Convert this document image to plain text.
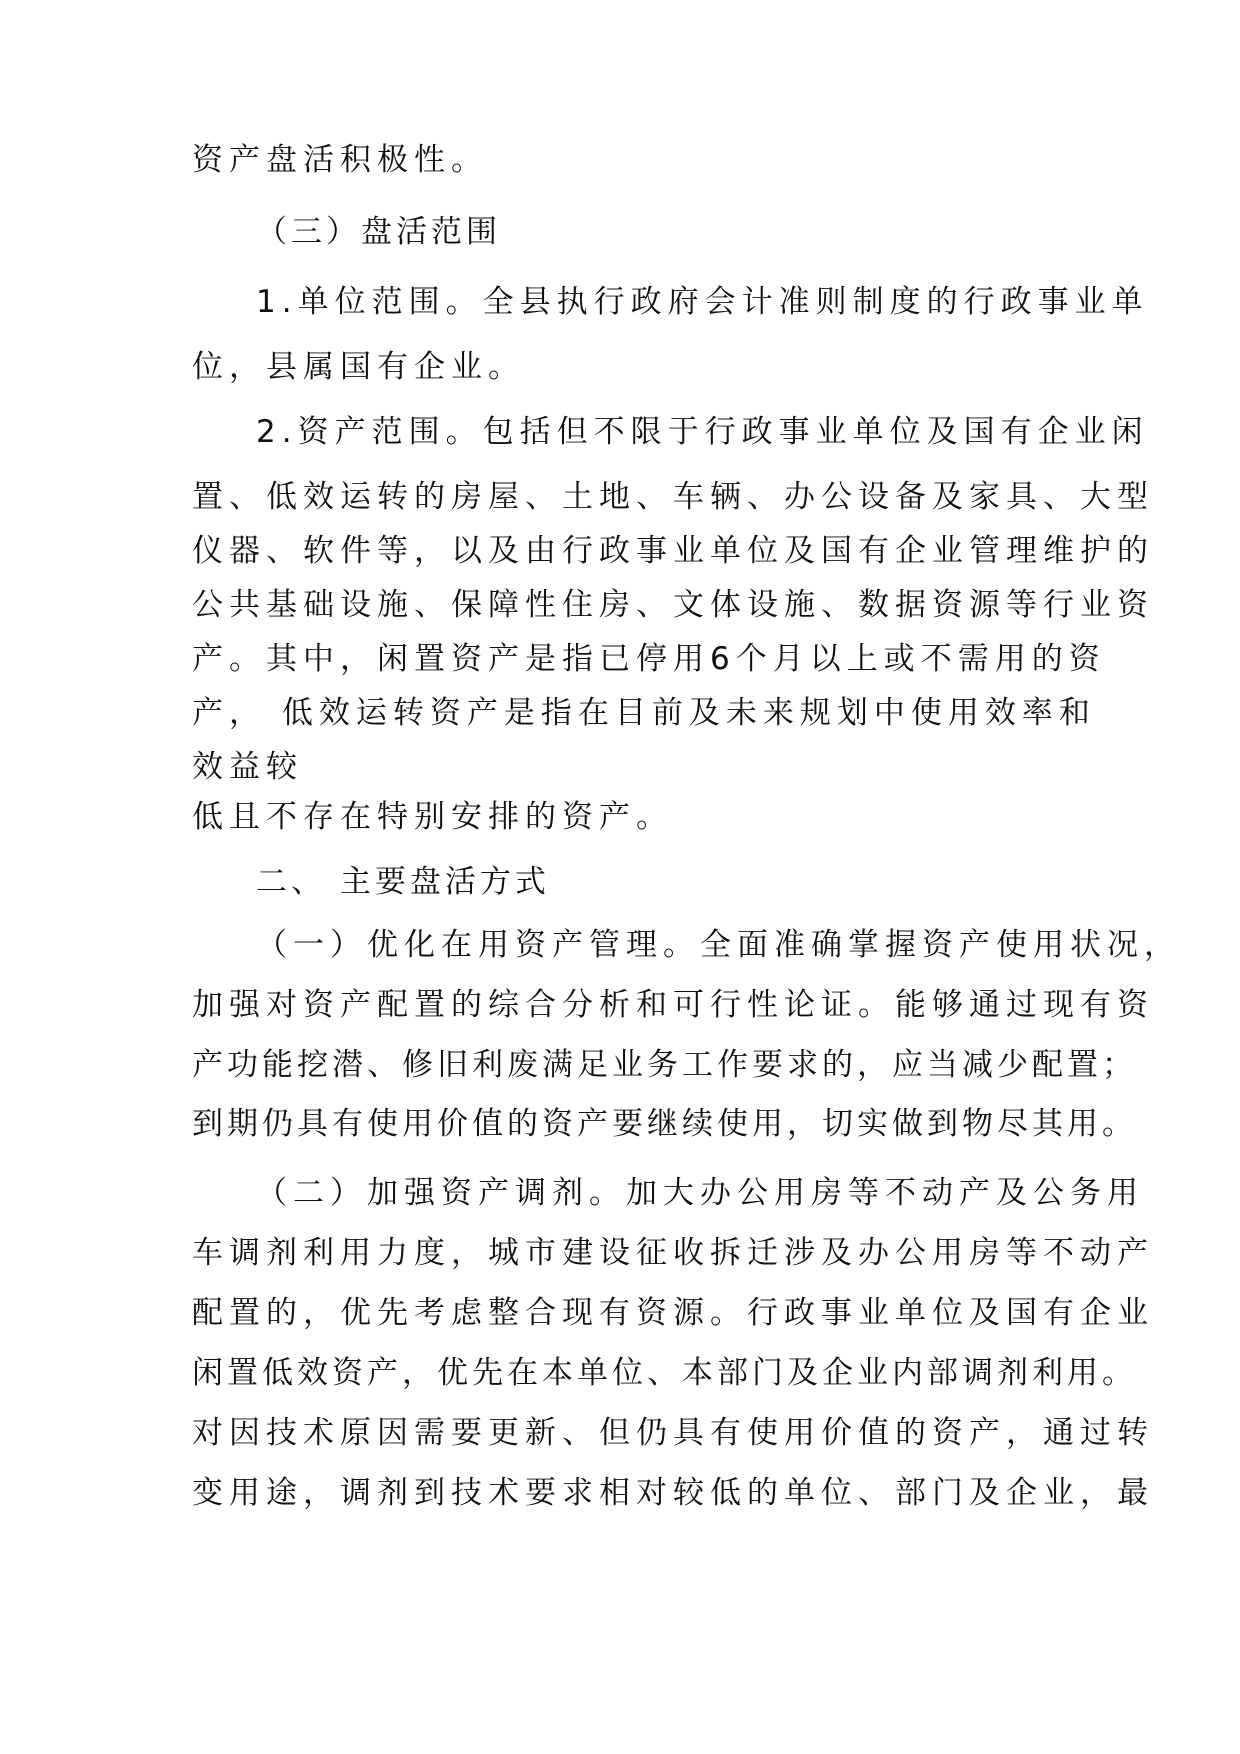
资产盘活积极性。
（三）盘活范围
1.单位范围。全县执行政府会计准则制度的行政事业单
位，县属国有企业。
2.资产范围。包括但不限于行政事业单位及国有企业闲
置、低效运转的房屋、土地、车辆、办公设备及家具、大型
仪器、软件等，以及由行政事业单位及国有企业管理维护的
公共基础设施、保障性住房、文体设施、数据资源等行业资
产。其中，闲置资产是指已停用6个月以上或不需用的资
产， 低效运转资产是指在目前及未来规划中使用效率和
效益较
低且不存在特别安排的资产。
二、 主要盘活方式
（一）优化在用资产管理。全面准确掌握资产使用状况，
加强对资产配置的综合分析和可行性论证。能够通过现有资
产功能挖潜、修旧利废满足业务工作要求的，应当减少配置；
到期仍具有使用价值的资产要继续使用，切实做到物尽其用。
（二）加强资产调剂。加大办公用房等不动产及公务用
车调剂利用力度，城市建设征收拆迁涉及办公用房等不动产
配置的，优先考虑整合现有资源。行政事业单位及国有企业
闲置低效资产，优先在本单位、本部门及企业内部调剂利用。
对因技术原因需要更新、但仍具有使用价值的资产，通过转
变用途，调剂到技术要求相对较低的单位、部门及企业，最
